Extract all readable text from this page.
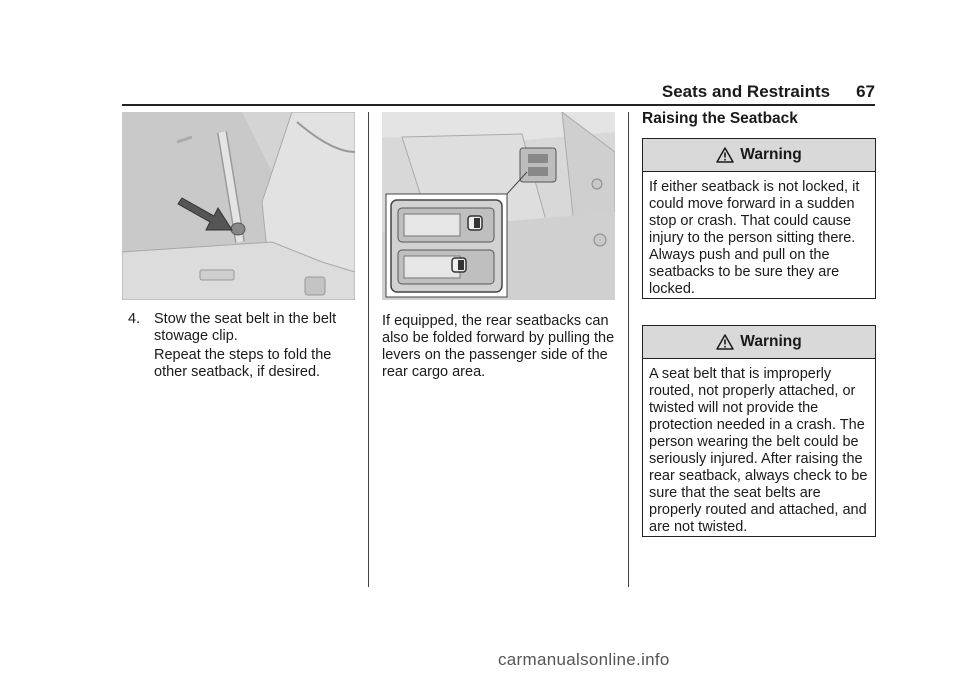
Seats and Restraints 67
4. Stow the seat belt in the belt stowage clip.
Repeat the steps to fold the other seatback, if desired.
If equipped, the rear seatbacks can also be folded forward by pulling the levers on the passenger side of the rear cargo area.
Raising the Seatback
Warning
If either seatback is not locked, it could move forward in a sudden stop or crash. That could cause injury to the person sitting there. Always push and pull on the seatbacks to be sure they are locked.
Warning
A seat belt that is improperly routed, not properly attached, or twisted will not provide the protection needed in a crash. The person wearing the belt could be seriously injured. After raising the rear seatback, always check to be sure that the seat belts are properly routed and attached, and are not twisted.
carmanualsonline.info
